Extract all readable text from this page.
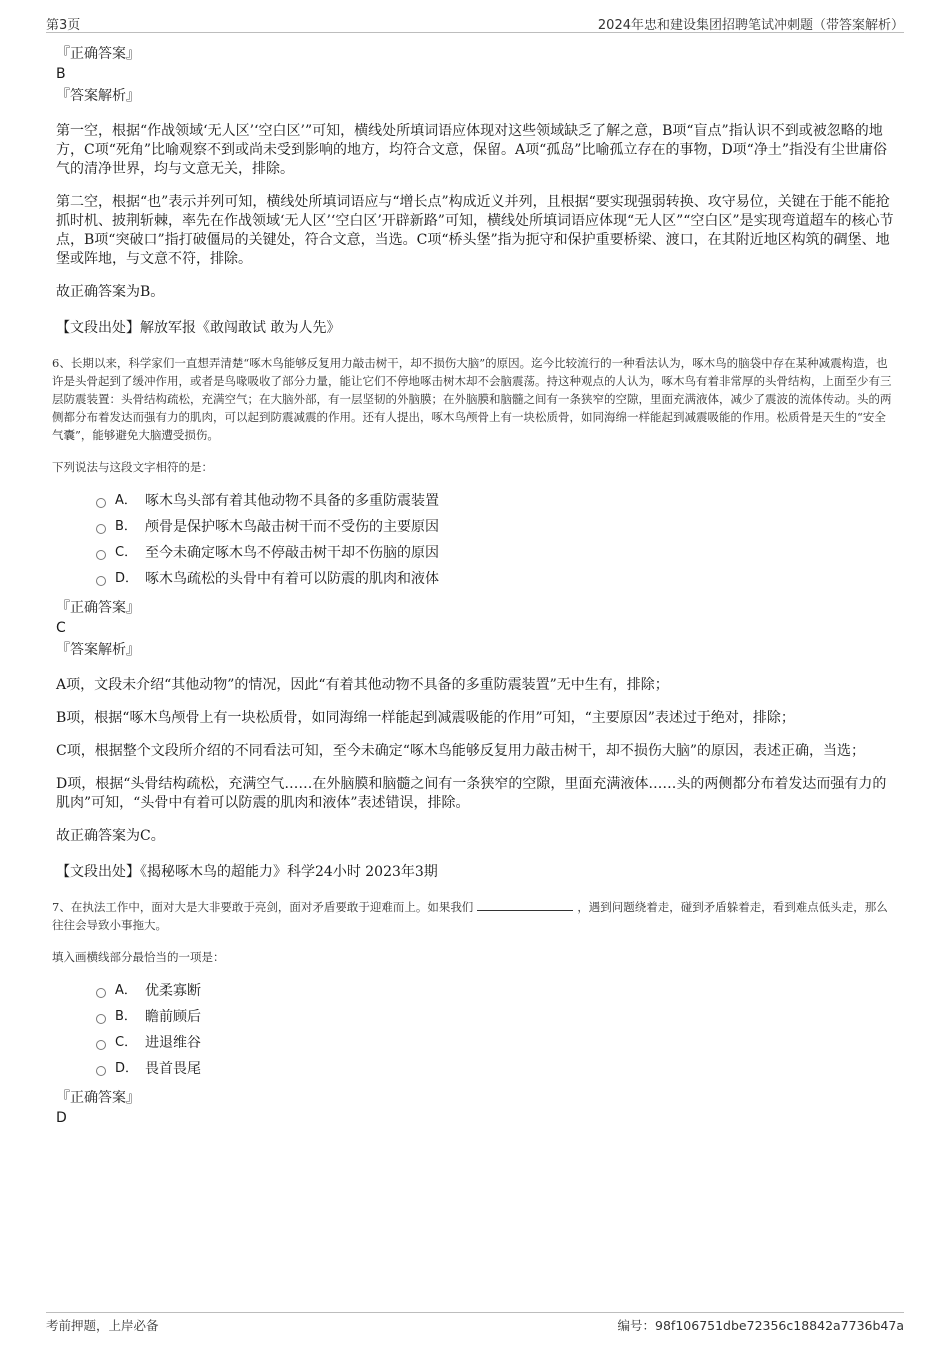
第3页	2024年忠和建设集团招聘笔试冲刺题（带答案解析）
『正确答案』
B
『答案解析』
第一空，根据“作战领域‘无人区’‘空白区’”可知，横线处所填词语应体现对这些领域缺乏了解之意，B项“盲点”指认识不到或被忽略的地方，C项“死角”比喻观察不到或尚未受到影响的地方，均符合文意，保留。A项“孤岛”比喻孤立存在的事物，D项“净土”指没有尘世庸俗气的清净世界，均与文意无关，排除。
第二空，根据“也”表示并列可知，横线处所填词语应与“增长点”构成近义并列，且根据“要实现强弱转换、攻守易位，关键在于能不能抢抓时机、披荆斩棘，率先在作战领域‘无人区’‘空白区’开辟新路”可知，横线处所填词语应体现“无人区”“空白区”是实现弯道超车的核心节点，B项“突破口”指打破僵局的关键处，符合文意，当选。C项“桥头堡”指为扼守和保护重要桥梁、渡口，在其附近地区构筑的碉堡、地堡或阵地，与文意不符，排除。
故正确答案为B。
【文段出处】解放军报《敢闯敢试 敢为人先》
6、长期以来，科学家们一直想弄清楚“啄木鸟能够反复用力敲击树干，却不损伤大脑”的原因。迄今比较流行的一种看法认为，啄木鸟的脑袋中存在某种减震构造，也许是头骨起到了缓冲作用，或者是鸟喙吸收了部分力量，能让它们不停地啄击树木却不会脑震荡。持这种观点的人认为，啄木鸟有着非常厚的头骨结构，上面至少有三层防震装置：头骨结构疏松，充满空气；在大脑外部，有一层坚韧的外脑膜；在外脑膜和脑髓之间有一条狭窄的空隙，里面充满液体，减少了震波的流体传动。头的两侧都分布着发达而强有力的肌肉，可以起到防震减震的作用。还有人提出，啄木鸟颅骨上有一块松质骨，如同海绵一样能起到减震吸能的作用。松质骨是天生的“安全气囊”，能够避免大脑遭受损伤。
下列说法与这段文字相符的是：
A． 啄木鸟头部有着其他动物不具备的多重防震装置
B． 颅骨是保护啄木鸟敲击树干而不受伤的主要原因
C． 至今未确定啄木鸟不停敲击树干却不伤脑的原因
D． 啄木鸟疏松的头骨中有着可以防震的肌肉和液体
『正确答案』
C
『答案解析』
A项，文段未介绍“其他动物”的情况，因此“有着其他动物不具备的多重防震装置”无中生有，排除；
B项，根据“啄木鸟颅骨上有一块松质骨，如同海绵一样能起到减震吸能的作用”可知，“主要原因”表述过于绝对，排除；
C项，根据整个文段所介绍的不同看法可知，至今未确定“啄木鸟能够反复用力敲击树干，却不损伤大脑”的原因，表述正确，当选；
D项，根据“头骨结构疏松，充满空气……在外脑膜和脑髓之间有一条狭窄的空隙，里面充满液体……头的两侧都分布着发达而强有力的肌肉”可知，“头骨中有着可以防震的肌肉和液体”表述错误，排除。
故正确答案为C。
【文段出处】《揭秘啄木鸟的超能力》科学24小时 2023年3期
7、在执法工作中，面对大是大非要敢于亮剑，面对矛盾要敢于迎难而上。如果我们	，遇到问题绕着走，碰到矛盾躲着走，看到难点低头走，那么往往会导致小事拖大。
填入画横线部分最恰当的一项是：
A． 优柔寡断
B． 瞻前顾后
C． 进退维谷
D． 畏首畏尾
『正确答案』
D
考前押题，上岸必备	编号：98f106751dbe72356c18842a7736b47a
